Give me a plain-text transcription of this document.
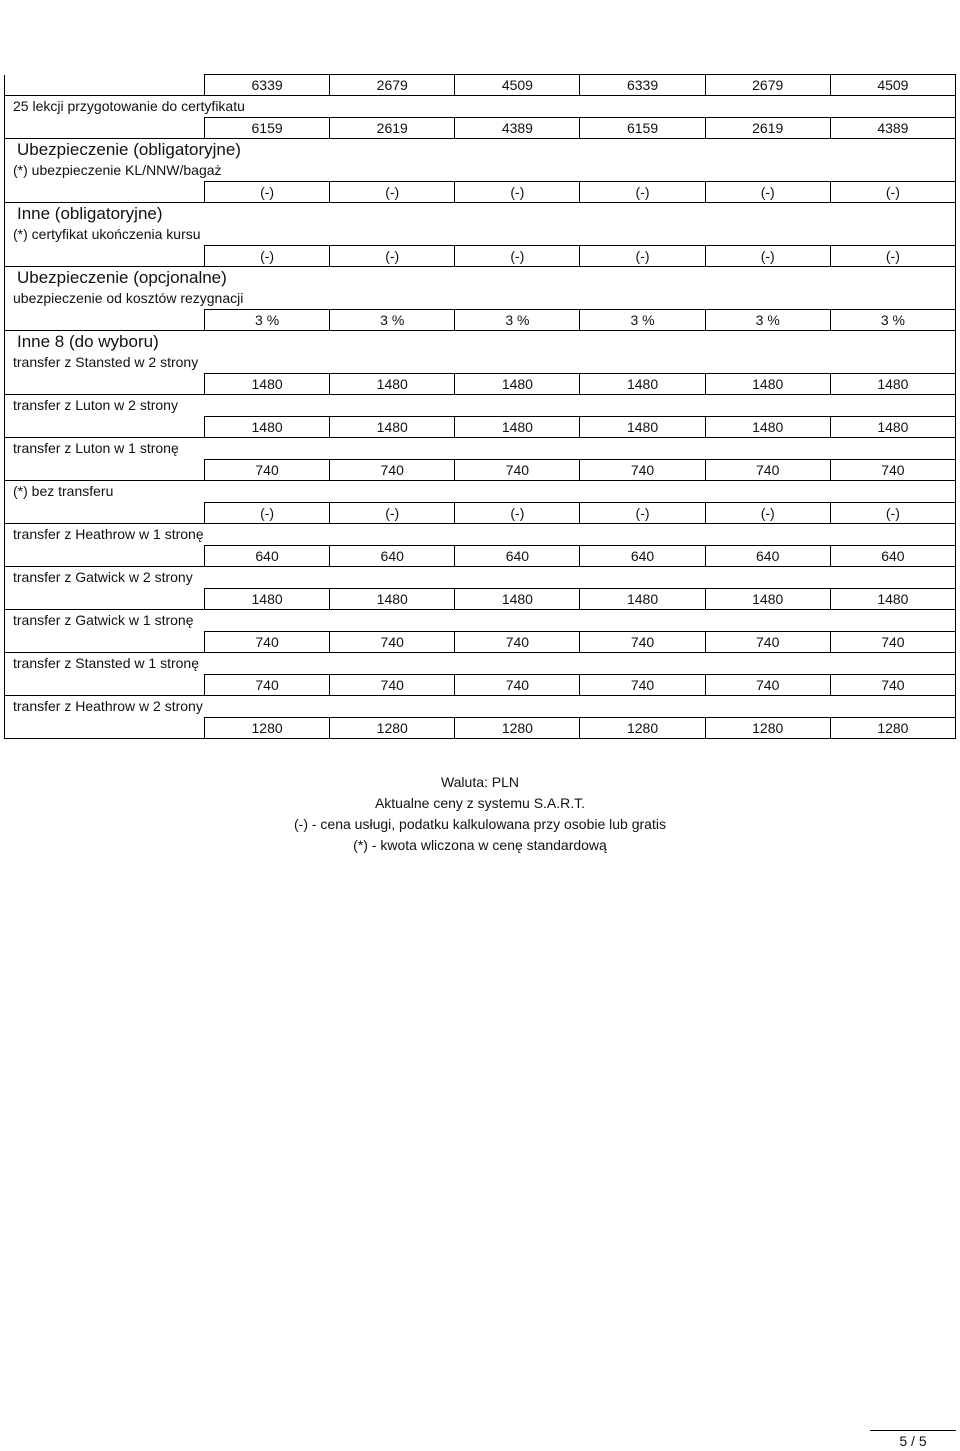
	6339	2679	4509	6339	2679	4509
25 lekcji przygotowanie do certyfikatu						
	6159	2619	4389	6159	2619	4389
Ubezpieczenie (obligatoryjne)						
(*) ubezpieczenie KL/NNW/bagaż						
	(-)	(-)	(-)	(-)	(-)	(-)
Inne (obligatoryjne)						
(*) certyfikat ukończenia kursu						
	(-)	(-)	(-)	(-)	(-)	(-)
Ubezpieczenie (opcjonalne)						
ubezpieczenie od kosztów rezygnacji						
	3 %	3 %	3 %	3 %	3 %	3 %
Inne 8 (do wyboru)						
transfer z Stansted w 2 strony						
	1480	1480	1480	1480	1480	1480
transfer z Luton w 2 strony						
	1480	1480	1480	1480	1480	1480
transfer z Luton w 1 stronę						
	740	740	740	740	740	740
(*) bez transferu						
	(-)	(-)	(-)	(-)	(-)	(-)
transfer z Heathrow w 1 stronę						
	640	640	640	640	640	640
transfer z Gatwick w 2 strony						
	1480	1480	1480	1480	1480	1480
transfer z Gatwick w 1 stronę						
	740	740	740	740	740	740
transfer z Stansted w 1 stronę						
	740	740	740	740	740	740
transfer z Heathrow w 2 strony						
	1280	1280	1280	1280	1280	1280
Waluta: PLN
Aktualne ceny z systemu S.A.R.T.
(-) - cena usługi, podatku kalkulowana przy osobie lub gratis
(*) - kwota wliczona w cenę standardową
5 / 5
